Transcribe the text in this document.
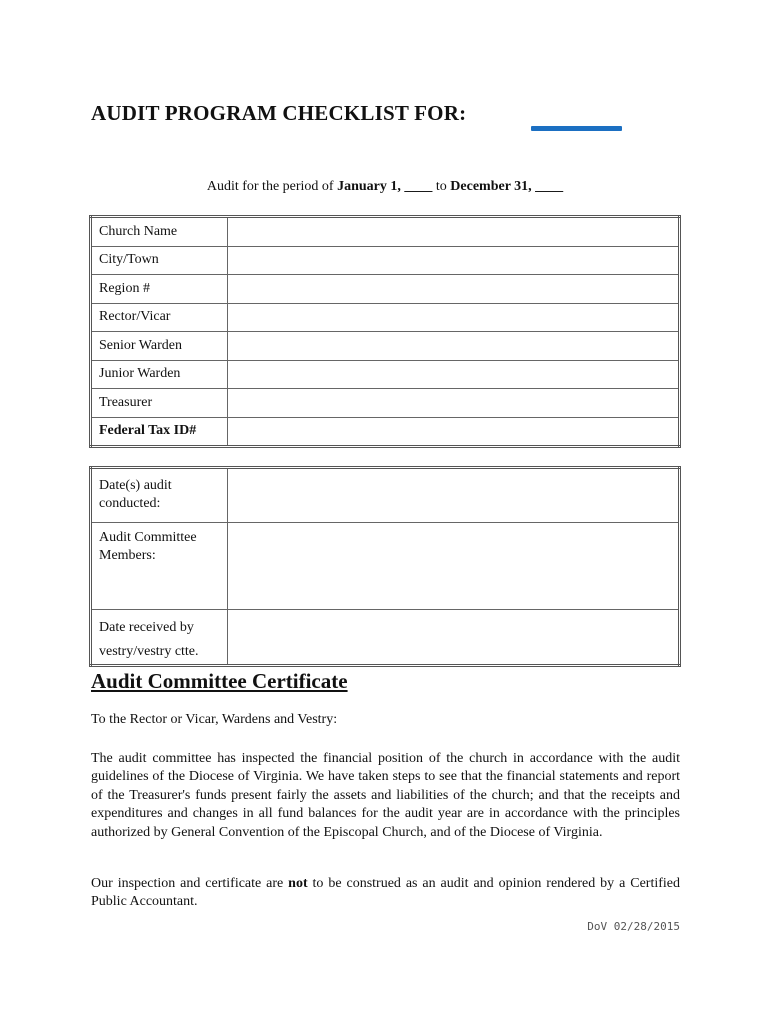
AUDIT PROGRAM CHECKLIST FOR:
Audit for the period of January 1, ____ to December 31, ____
Church Name	
City/Town	
Region #	
Rector/Vicar	
Senior Warden	
Junior Warden	
Treasurer	
Federal Tax ID#	
Date(s) audit
conducted:	
Audit Committee
Members:	
Date received by
vestry/vestry ctte.	
Audit Committee Certificate

To the Rector or Vicar, Wardens and Vestry:

The audit committee has inspected the financial position of the church in accordance with the audit guidelines of the Diocese of Virginia. We have taken steps to see that the financial statements and report of the Treasurer's funds present fairly the assets and liabilities of the church; and that the receipts and expenditures and changes in all fund balances for the audit year are in accordance with the principles authorized by General Convention of the Episcopal Church, and of the Diocese of Virginia.

Our inspection and certificate are not to be construed as an audit and opinion rendered by a Certified Public Accountant.

DoV 02/28/2015
